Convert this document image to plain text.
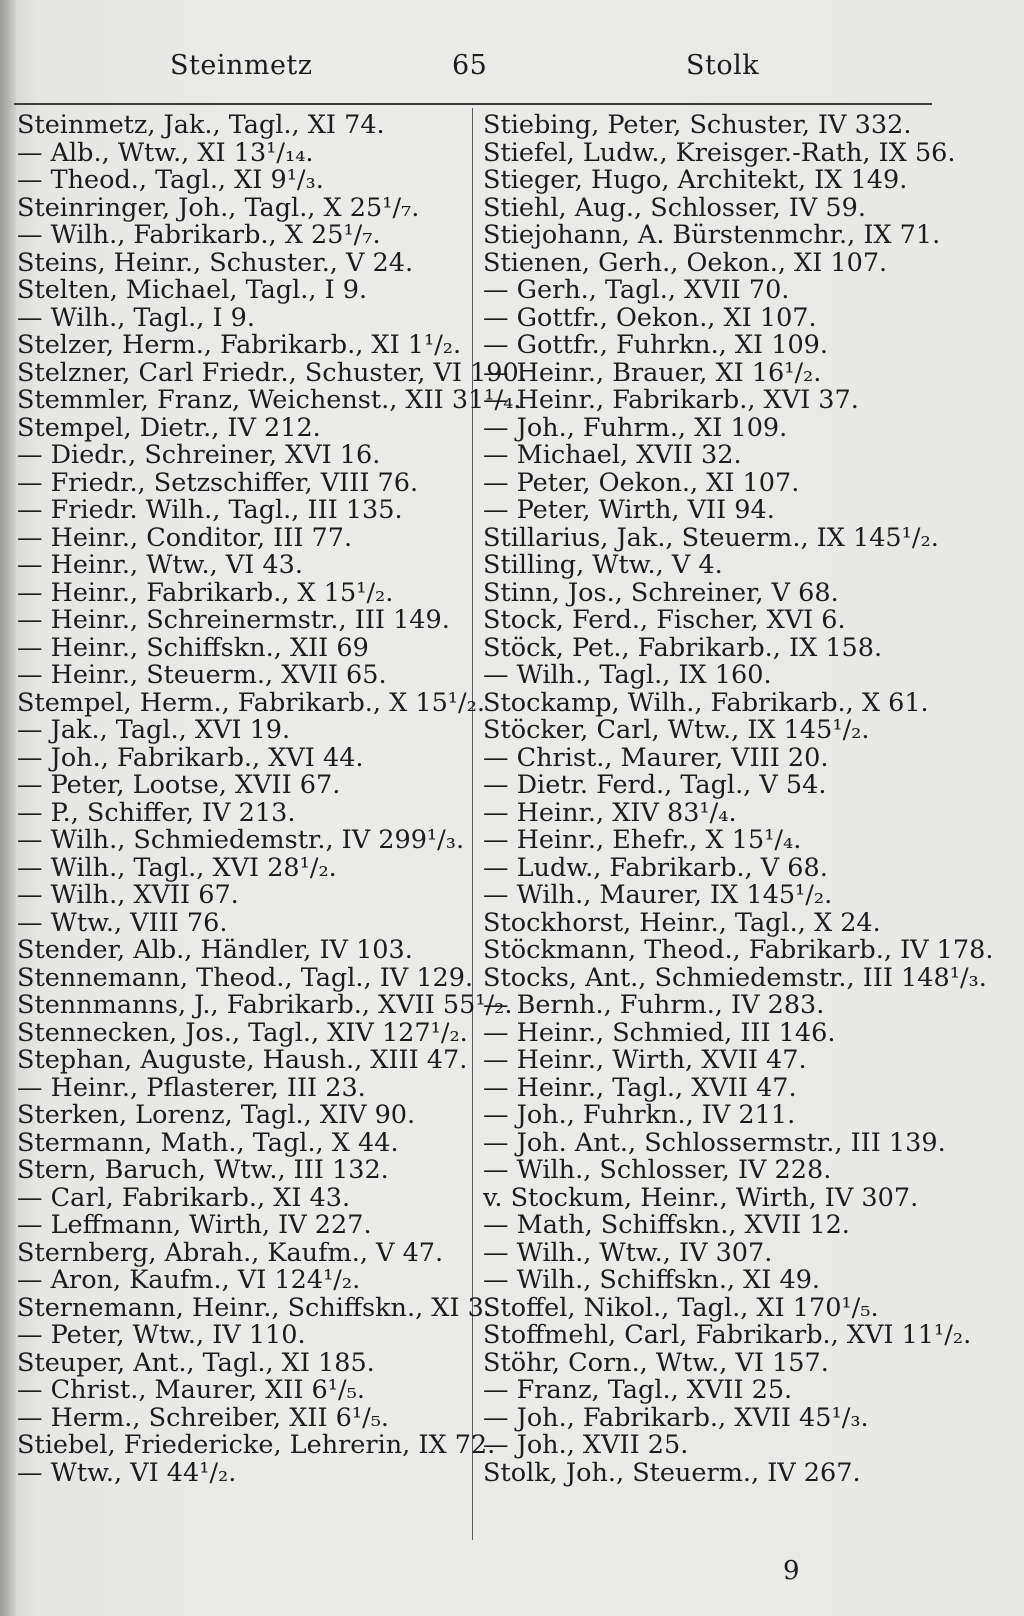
Steinmetz	65	Stolk
Steinmetz, Jak., Tagl., XI 74.
— Alb., Wtw., XI 13¹/₁₄.
— Theod., Tagl., XI 9¹/₃.
Steinringer, Joh., Tagl., X 25¹/₇.
— Wilh., Fabrikarb., X 25¹/₇.
Steins, Heinr., Schuster., V 24.
Stelten, Michael, Tagl., I 9.
— Wilh., Tagl., I 9.
Stelzer, Herm., Fabrikarb., XI 1¹/₂.
Stelzner, Carl Friedr., Schuster, VI 190.
Stemmler, Franz, Weichenst., XII 31¹/₄.
Stempel, Dietr., IV 212.
— Diedr., Schreiner, XVI 16.
— Friedr., Setzschiffer, VIII 76.
— Friedr. Wilh., Tagl., III 135.
— Heinr., Conditor, III 77.
— Heinr., Wtw., VI 43.
— Heinr., Fabrikarb., X 15¹/₂.
— Heinr., Schreinermstr., III 149.
— Heinr., Schiffskn., XII 69
— Heinr., Steuerm., XVII 65.
Stempel, Herm., Fabrikarb., X 15¹/₂.
— Jak., Tagl., XVI 19.
— Joh., Fabrikarb., XVI 44.
— Peter, Lootse, XVII 67.
— P., Schiffer, IV 213.
— Wilh., Schmiedemstr., IV 299¹/₃.
— Wilh., Tagl., XVI 28¹/₂.
— Wilh., XVII 67.
— Wtw., VIII 76.
Stender, Alb., Händler, IV 103.
Stennemann, Theod., Tagl., IV 129.
Stennmanns, J., Fabrikarb., XVII 55¹/₂.
Stennecken, Jos., Tagl., XIV 127¹/₂.
Stephan, Auguste, Haush., XIII 47.
— Heinr., Pflasterer, III 23.
Sterken, Lorenz, Tagl., XIV 90.
Stermann, Math., Tagl., X 44.
Stern, Baruch, Wtw., III 132.
— Carl, Fabrikarb., XI 43.
— Leffmann, Wirth, IV 227.
Sternberg, Abrah., Kaufm., V 47.
— Aron, Kaufm., VI 124¹/₂.
Sternemann, Heinr., Schiffskn., XI 3.
— Peter, Wtw., IV 110.
Steuper, Ant., Tagl., XI 185.
— Christ., Maurer, XII 6¹/₅.
— Herm., Schreiber, XII 6¹/₅.
Stiebel, Friedericke, Lehrerin, IX 72.
— Wtw., VI 44¹/₂.
Stiebing, Peter, Schuster, IV 332.
Stiefel, Ludw., Kreisger.-Rath, IX 56.
Stieger, Hugo, Architekt, IX 149.
Stiehl, Aug., Schlosser, IV 59.
Stiejohann, A. Bürstenmchr., IX 71.
Stienen, Gerh., Oekon., XI 107.
— Gerh., Tagl., XVII 70.
— Gottfr., Oekon., XI 107.
— Gottfr., Fuhrkn., XI 109.
— Heinr., Brauer, XI 16¹/₂.
— Heinr., Fabrikarb., XVI 37.
— Joh., Fuhrm., XI 109.
— Michael, XVII 32.
— Peter, Oekon., XI 107.
— Peter, Wirth, VII 94.
Stillarius, Jak., Steuerm., IX 145¹/₂.
Stilling, Wtw., V 4.
Stinn, Jos., Schreiner, V 68.
Stock, Ferd., Fischer, XVI 6.
Stöck, Pet., Fabrikarb., IX 158.
— Wilh., Tagl., IX 160.
Stockamp, Wilh., Fabrikarb., X 61.
Stöcker, Carl, Wtw., IX 145¹/₂.
— Christ., Maurer, VIII 20.
— Dietr. Ferd., Tagl., V 54.
— Heinr., XIV 83¹/₄.
— Heinr., Ehefr., X 15¹/₄.
— Ludw., Fabrikarb., V 68.
— Wilh., Maurer, IX 145¹/₂.
Stockhorst, Heinr., Tagl., X 24.
Stöckmann, Theod., Fabrikarb., IV 178.
Stocks, Ant., Schmiedemstr., III 148¹/₃.
— Bernh., Fuhrm., IV 283.
— Heinr., Schmied, III 146.
— Heinr., Wirth, XVII 47.
— Heinr., Tagl., XVII 47.
— Joh., Fuhrkn., IV 211.
— Joh. Ant., Schlossermstr., III 139.
— Wilh., Schlosser, IV 228.
v. Stockum, Heinr., Wirth, IV 307.
— Math, Schiffskn., XVII 12.
— Wilh., Wtw., IV 307.
— Wilh., Schiffskn., XI 49.
Stoffel, Nikol., Tagl., XI 170¹/₅.
Stoffmehl, Carl, Fabrikarb., XVI 11¹/₂.
Stöhr, Corn., Wtw., VI 157.
— Franz, Tagl., XVII 25.
— Joh., Fabrikarb., XVII 45¹/₃.
— Joh., XVII 25.
Stolk, Joh., Steuerm., IV 267.
9
